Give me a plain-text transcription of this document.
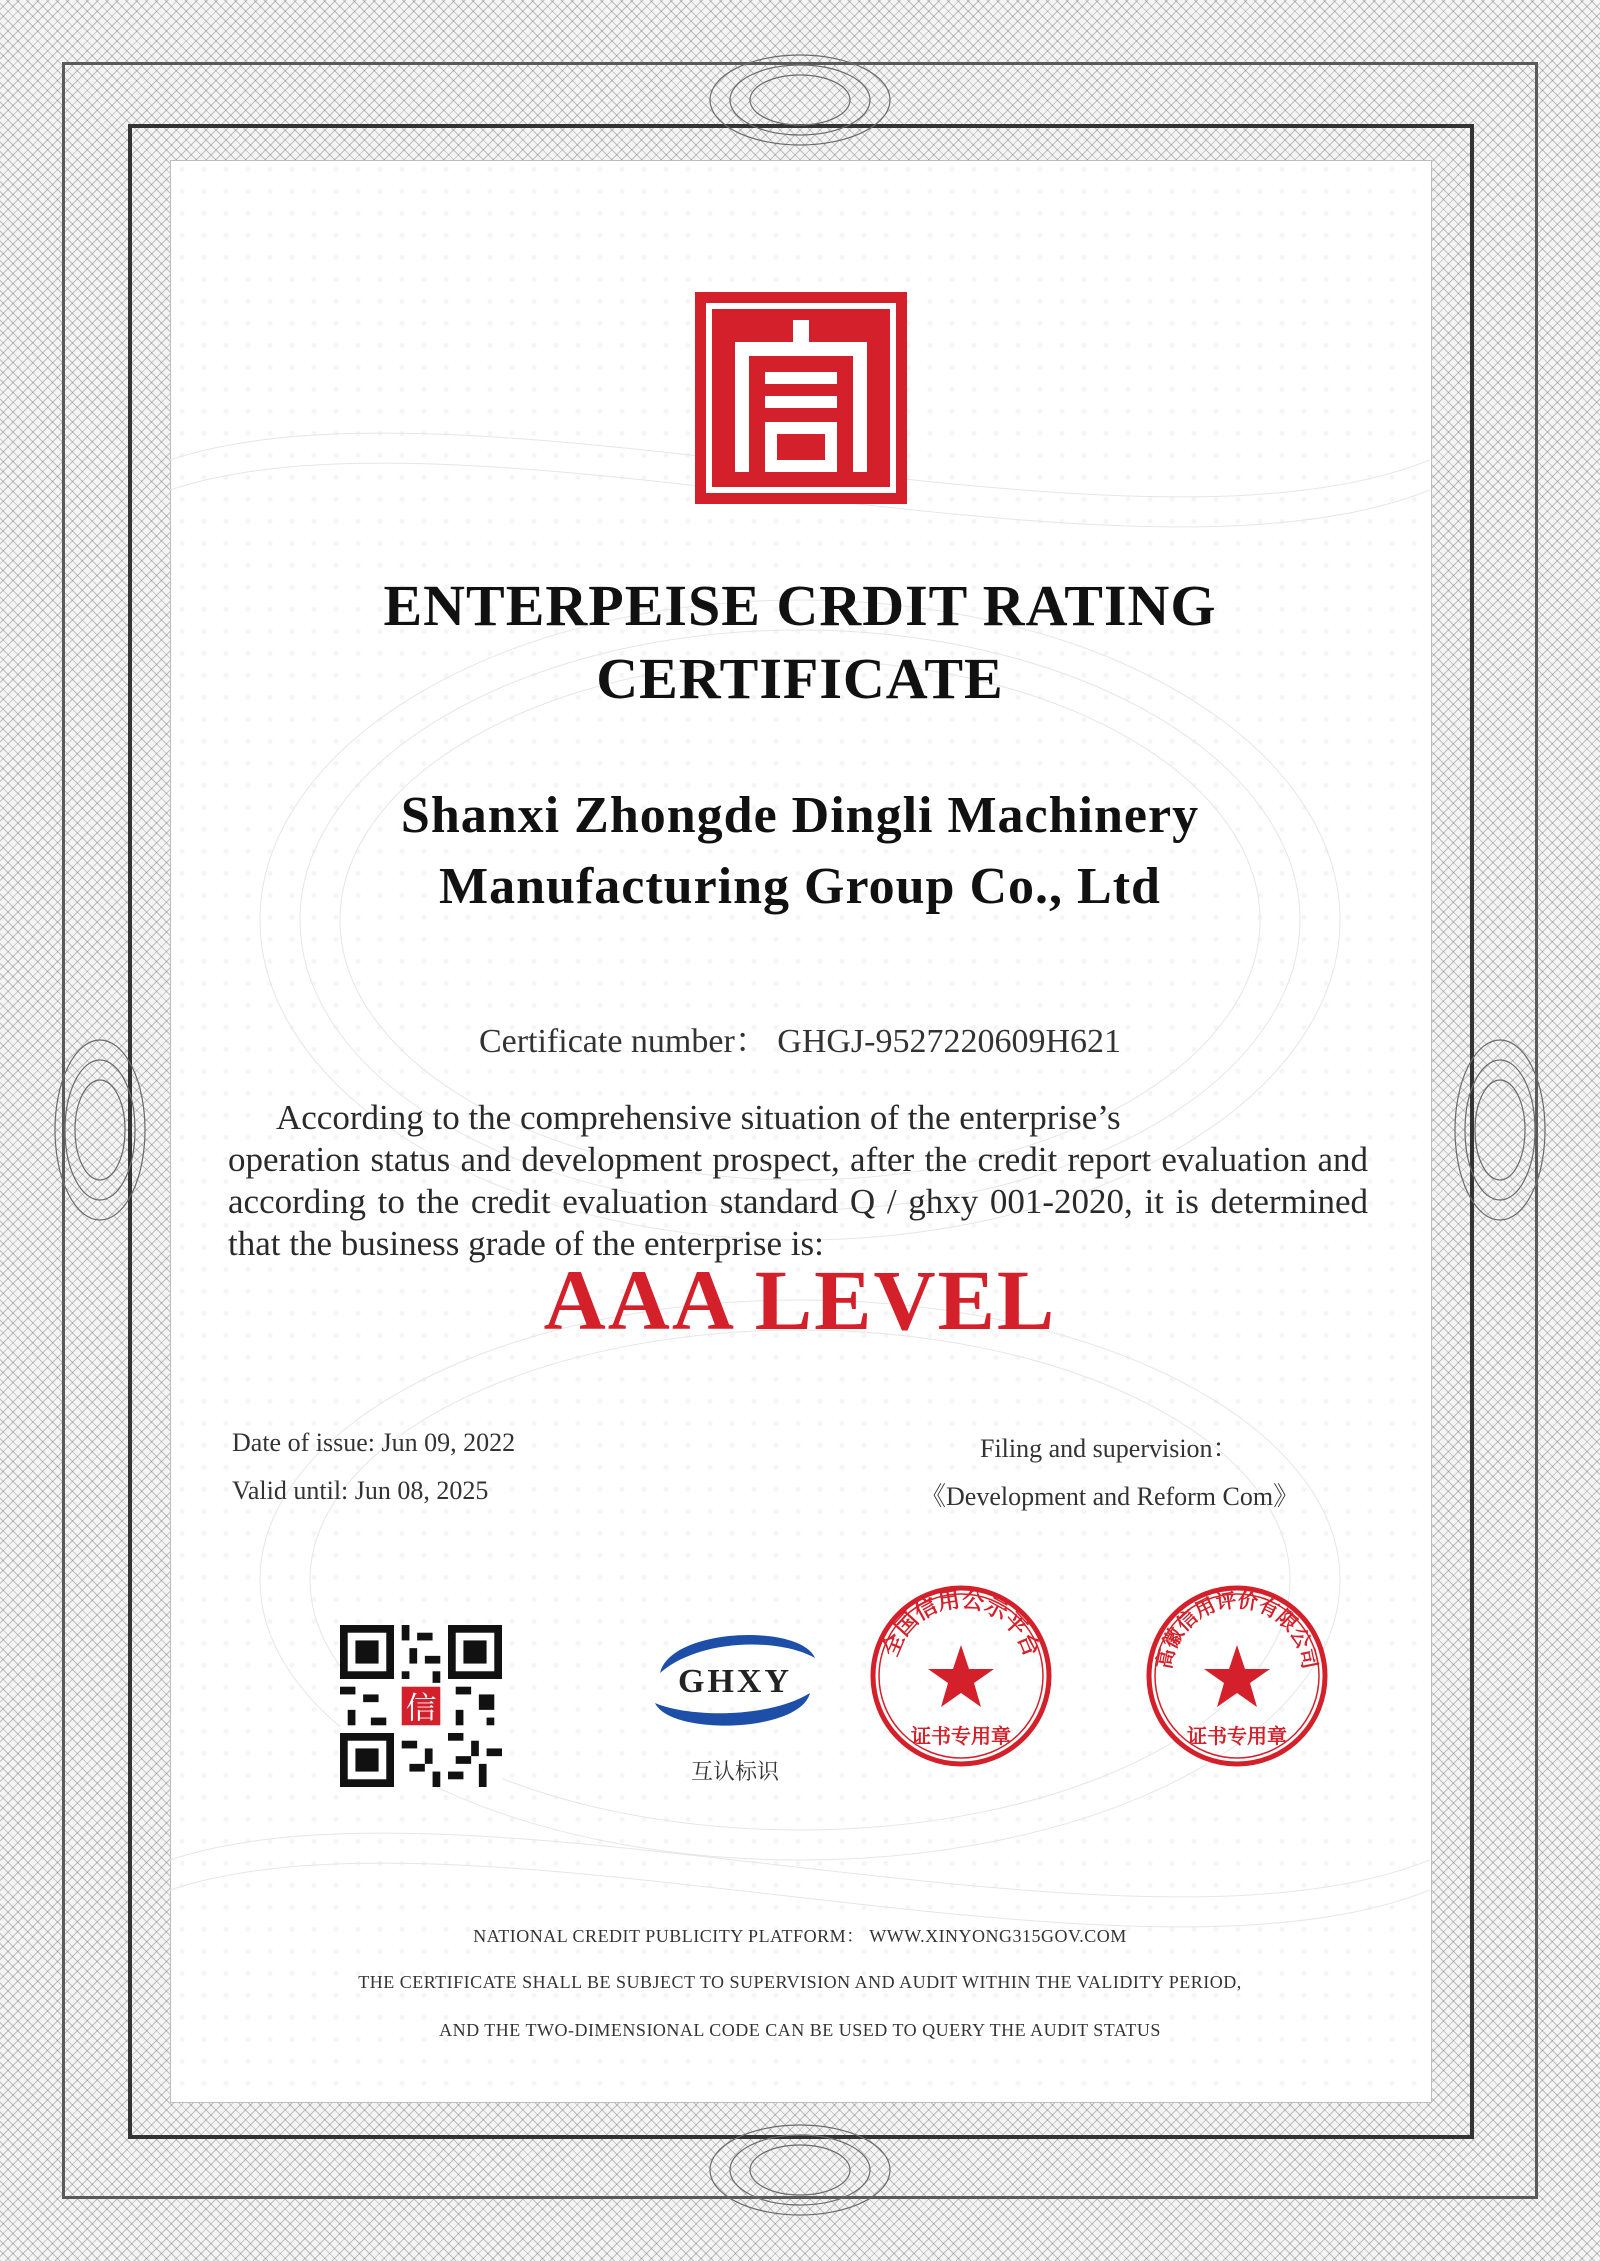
ENTERPEISE CRDIT RATING
CERTIFICATE
Shanxi Zhongde Dingli Machinery
Manufacturing Group Co., Ltd
Certificate number： GHGJ-9527220609H621
According to the comprehensive situation of the enterprise’s
operation status and development prospect, after the credit report evaluation and according to the credit evaluation standard Q / ghxy 001-2020, it is determined that the business grade of the enterprise is:
AAA LEVEL
Date of issue: Jun 09, 2022
Valid until: Jun 08, 2025
Filing and supervision：
《Development and Reform Com》
信
GHXY
互认标识
全国信用公示平台
证书专用章
高徽信用评价有限公司
证书专用章
NATIONAL CREDIT PUBLICITY PLATFORM： WWW.XINYONG315GOV.COM
THE CERTIFICATE SHALL BE SUBJECT TO SUPERVISION AND AUDIT WITHIN THE VALIDITY PERIOD,
AND THE TWO-DIMENSIONAL CODE CAN BE USED TO QUERY THE AUDIT STATUS
